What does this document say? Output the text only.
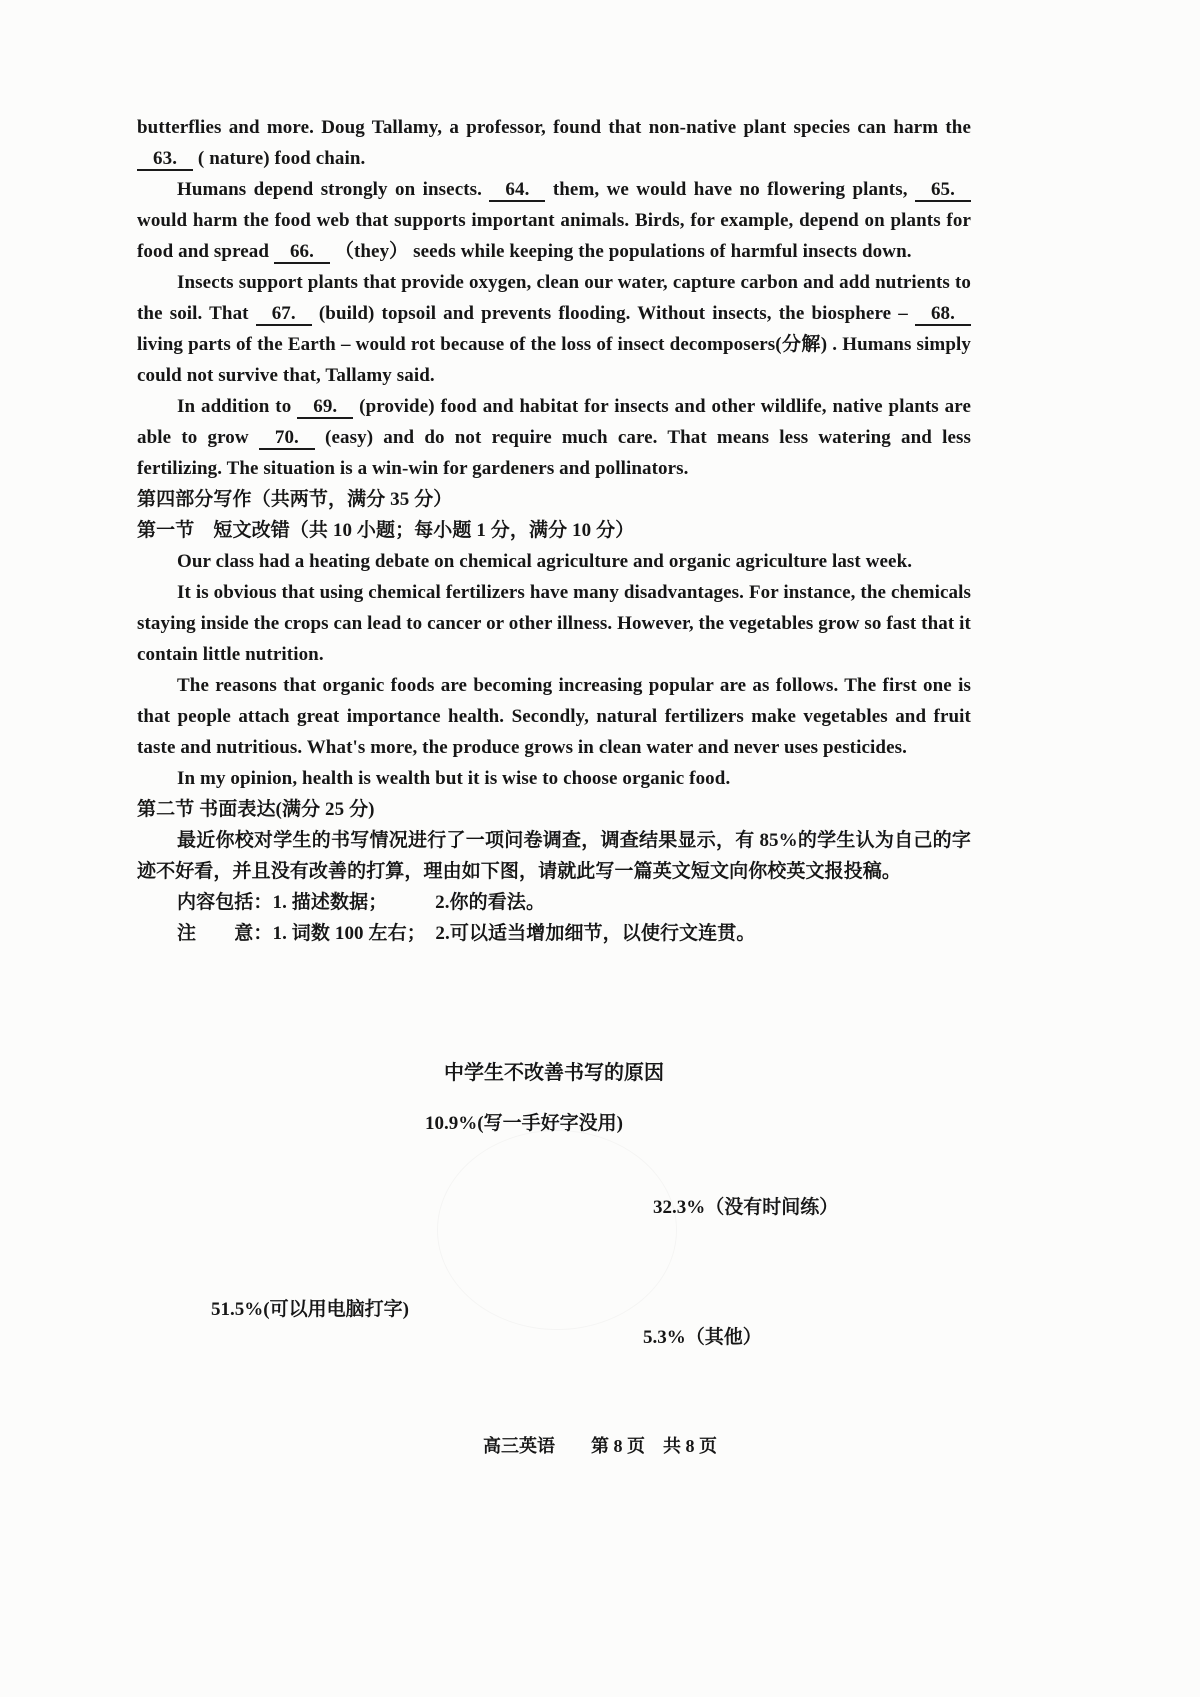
butterflies and more. Doug Tallamy, a professor, found that non-native plant species can harm the 63. ( nature) food chain.

Humans depend strongly on insects. 64. them, we would have no flowering plants, 65. would harm the food web that supports important animals. Birds, for example, depend on plants for food and spread 66. （they） seeds while keeping the populations of harmful insects down.

Insects support plants that provide oxygen, clean our water, capture carbon and add nutrients to the soil. That 67. (build) topsoil and prevents flooding. Without insects, the biosphere – 68. living parts of the Earth – would rot because of the loss of insect decomposers(分解) . Humans simply could not survive that, Tallamy said.

In addition to 69. (provide) food and habitat for insects and other wildlife, native plants are able to grow 70. (easy) and do not require much care. That means less watering and less fertilizing. The situation is a win-win for gardeners and pollinators.

第四部分写作（共两节，满分 35 分）

第一节　短文改错（共 10 小题；每小题 1 分，满分 10 分）

Our class had a heating debate on chemical agriculture and organic agriculture last week.

It is obvious that using chemical fertilizers have many disadvantages. For instance, the chemicals staying inside the crops can lead to cancer or other illness. However, the vegetables grow so fast that it contain little nutrition.

The reasons that organic foods are becoming increasing popular are as follows. The first one is that people attach great importance health. Secondly, natural fertilizers make vegetables and fruit taste and nutritious. What's more, the produce grows in clean water and never uses pesticides.

In my opinion, health is wealth but it is wise to choose organic food.

第二节 书面表达(满分 25 分)

最近你校对学生的书写情况进行了一项问卷调查，调查结果显示，有 85%的学生认为自己的字迹不好看，并且没有改善的打算，理由如下图，请就此写一篇英文短文向你校英文报投稿。

内容包括：1. 描述数据；　　　2.你的看法。

注　　意：1. 词数 100 左右；　2.可以适当增加细节，以使行文连贯。

中学生不改善书写的原因
10.9%(写一手好字没用)
32.3%（没有时间练）
51.5%(可以用电脑打字)
5.3%（其他）
高三英语　　第 8 页　共 8 页
